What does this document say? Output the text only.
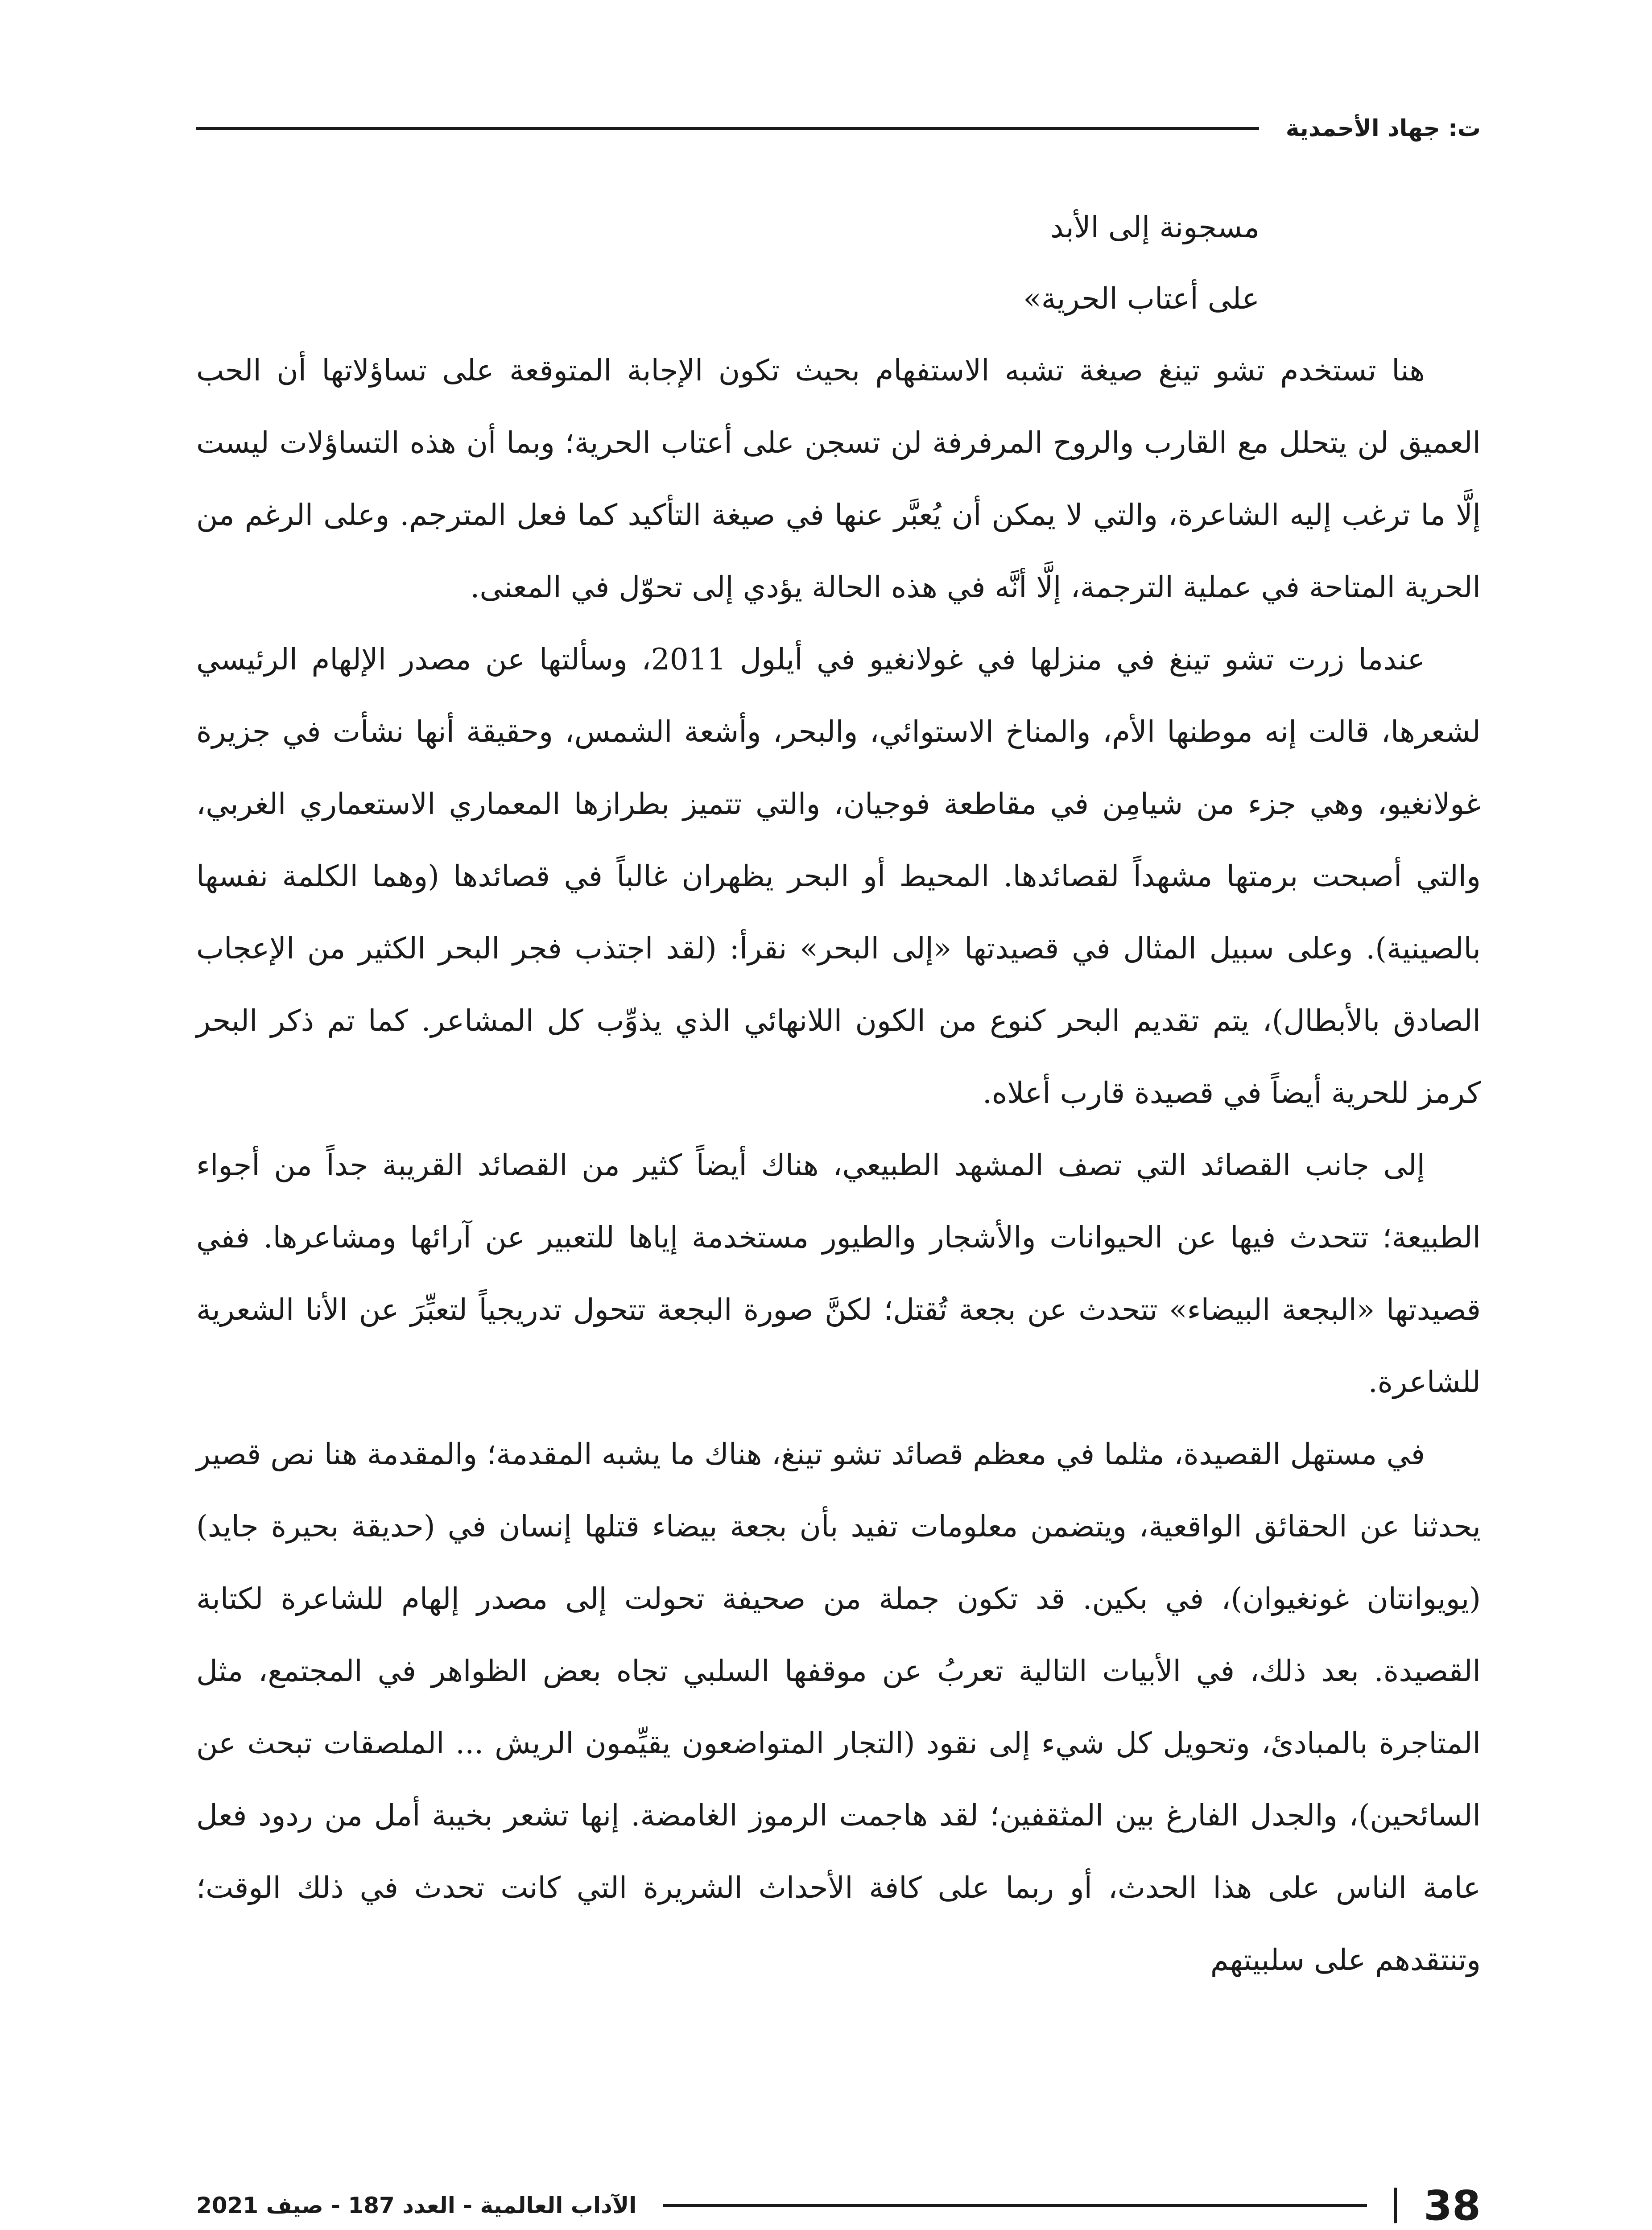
ت: جهاد الأحمدية
مسجونة إلى الأبد
على أعتاب الحرية»

هنا تستخدم تشو تينغ صيغة تشبه الاستفهام بحيث تكون الإجابة المتوقعة على تساؤلاتها أن الحب العميق لن يتحلل مع القارب والروح المرفرفة لن تسجن على أعتاب الحرية؛ وبما أن هذه التساؤلات ليست إلَّا ما ترغب إليه الشاعرة، والتي لا يمكن أن يُعبَّر عنها في صيغة التأكيد كما فعل المترجم. وعلى الرغم من الحرية المتاحة في عملية الترجمة، إلَّا أنَّه في هذه الحالة يؤدي إلى تحوّل في المعنى.

عندما زرت تشو تينغ في منزلها في غولانغيو في أيلول 2011، وسألتها عن مصدر الإلهام الرئيسي لشعرها، قالت إنه موطنها الأم، والمناخ الاستوائي، والبحر، وأشعة الشمس، وحقيقة أنها نشأت في جزيرة غولانغيو، وهي جزء من شيامِن في مقاطعة فوجيان، والتي تتميز بطرازها المعماري الاستعماري الغربي، والتي أصبحت برمتها مشهداً لقصائدها. المحيط أو البحر يظهران غالباً في قصائدها (وهما الكلمة نفسها بالصينية). وعلى سبيل المثال في قصيدتها «إلى البحر» نقرأ: (لقد اجتذب فجر البحر الكثير من الإعجاب الصادق بالأبطال)، يتم تقديم البحر كنوع من الكون اللانهائي الذي يذوِّب كل المشاعر. كما تم ذكر البحر كرمز للحرية أيضاً في قصيدة قارب أعلاه.

إلى جانب القصائد التي تصف المشهد الطبيعي، هناك أيضاً كثير من القصائد القريبة جداً من أجواء الطبيعة؛ تتحدث فيها عن الحيوانات والأشجار والطيور مستخدمة إياها للتعبير عن آرائها ومشاعرها. ففي قصيدتها «البجعة البيضاء» تتحدث عن بجعة تُقتل؛ لكنَّ صورة البجعة تتحول تدريجياً لتعبِّرَ عن الأنا الشعرية للشاعرة.

في مستهل القصيدة، مثلما في معظم قصائد تشو تينغ، هناك ما يشبه المقدمة؛ والمقدمة هنا نص قصير يحدثنا عن الحقائق الواقعية، ويتضمن معلومات تفيد بأن بجعة بيضاء قتلها إنسان في (حديقة بحيرة جايد) (يويوانتان غونغيوان)، في بكين. قد تكون جملة من صحيفة تحولت إلى مصدر إلهام للشاعرة لكتابة القصيدة. بعد ذلك، في الأبيات التالية تعربُ عن موقفها السلبي تجاه بعض الظواهر في المجتمع، مثل المتاجرة بالمبادئ، وتحويل كل شيء إلى نقود (التجار المتواضعون يقيِّمون الريش ... الملصقات تبحث عن السائحين)، والجدل الفارغ بين المثقفين؛ لقد هاجمت الرموز الغامضة. إنها تشعر بخيبة أمل من ردود فعل عامة الناس على هذا الحدث، أو ربما على كافة الأحداث الشريرة التي كانت تحدث في ذلك الوقت؛ وتنتقدهم على سلبيتهم

38
الآداب العالمية - العدد 187 - صيف 2021
